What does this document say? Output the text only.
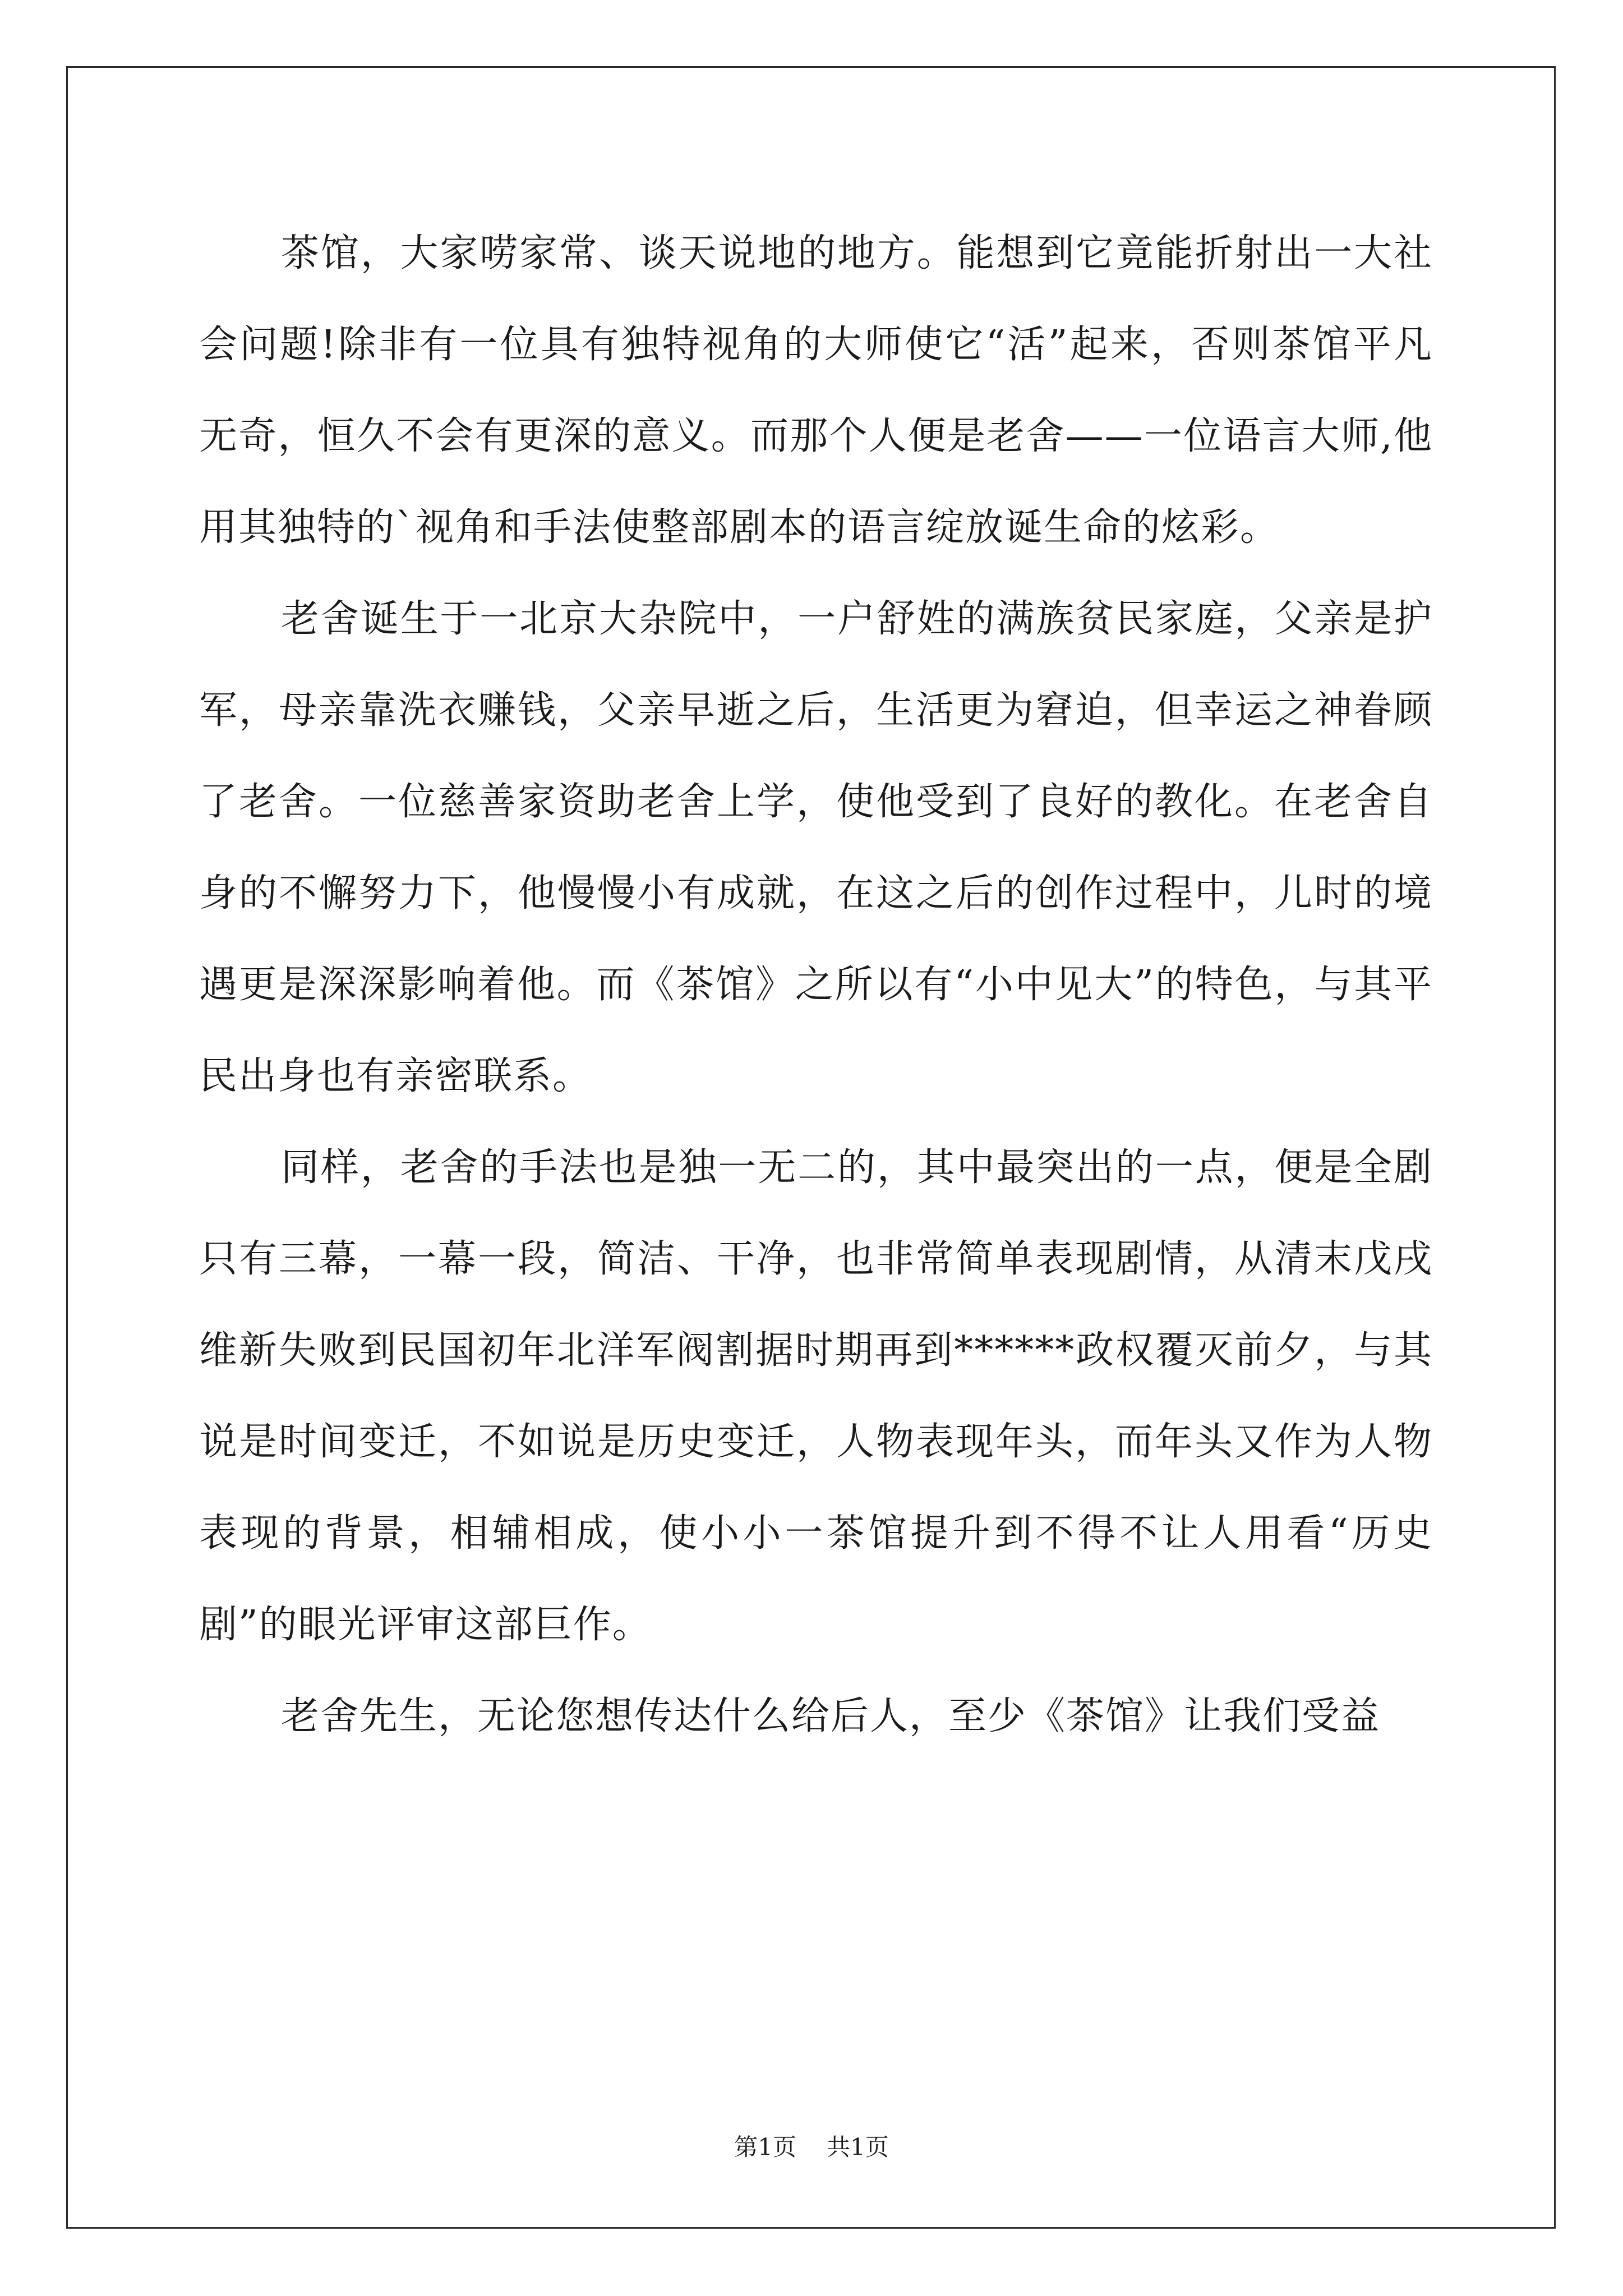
茶馆，大家唠家常、谈天说地的地方。能想到它竟能折射出一大社会问题!除非有一位具有独特视角的大师使它“活”起来，否则茶馆平凡无奇，恒久不会有更深的意义。而那个人便是老舍——一位语言大师,他用其独特的`视角和手法使整部剧本的语言绽放诞生命的炫彩。

老舍诞生于一北京大杂院中，一户舒姓的满族贫民家庭，父亲是护军，母亲靠洗衣赚钱，父亲早逝之后，生活更为窘迫，但幸运之神眷顾了老舍。一位慈善家资助老舍上学，使他受到了良好的教化。在老舍自身的不懈努力下，他慢慢小有成就，在这之后的创作过程中，儿时的境遇更是深深影响着他。而《茶馆》之所以有“小中见大”的特色，与其平民出身也有亲密联系。

同样，老舍的手法也是独一无二的，其中最突出的一点，便是全剧只有三幕，一幕一段，简洁、干净，也非常简单表现剧情，从清末戊戌维新失败到民国初年北洋军阀割据时期再到******政权覆灭前夕，与其说是时间变迁，不如说是历史变迁，人物表现年头，而年头又作为人物表现的背景，相辅相成，使小小一茶馆提升到不得不让人用看“历史剧”的眼光评审这部巨作。

老舍先生，无论您想传达什么给后人，至少《茶馆》让我们受益

第1页 共1页
